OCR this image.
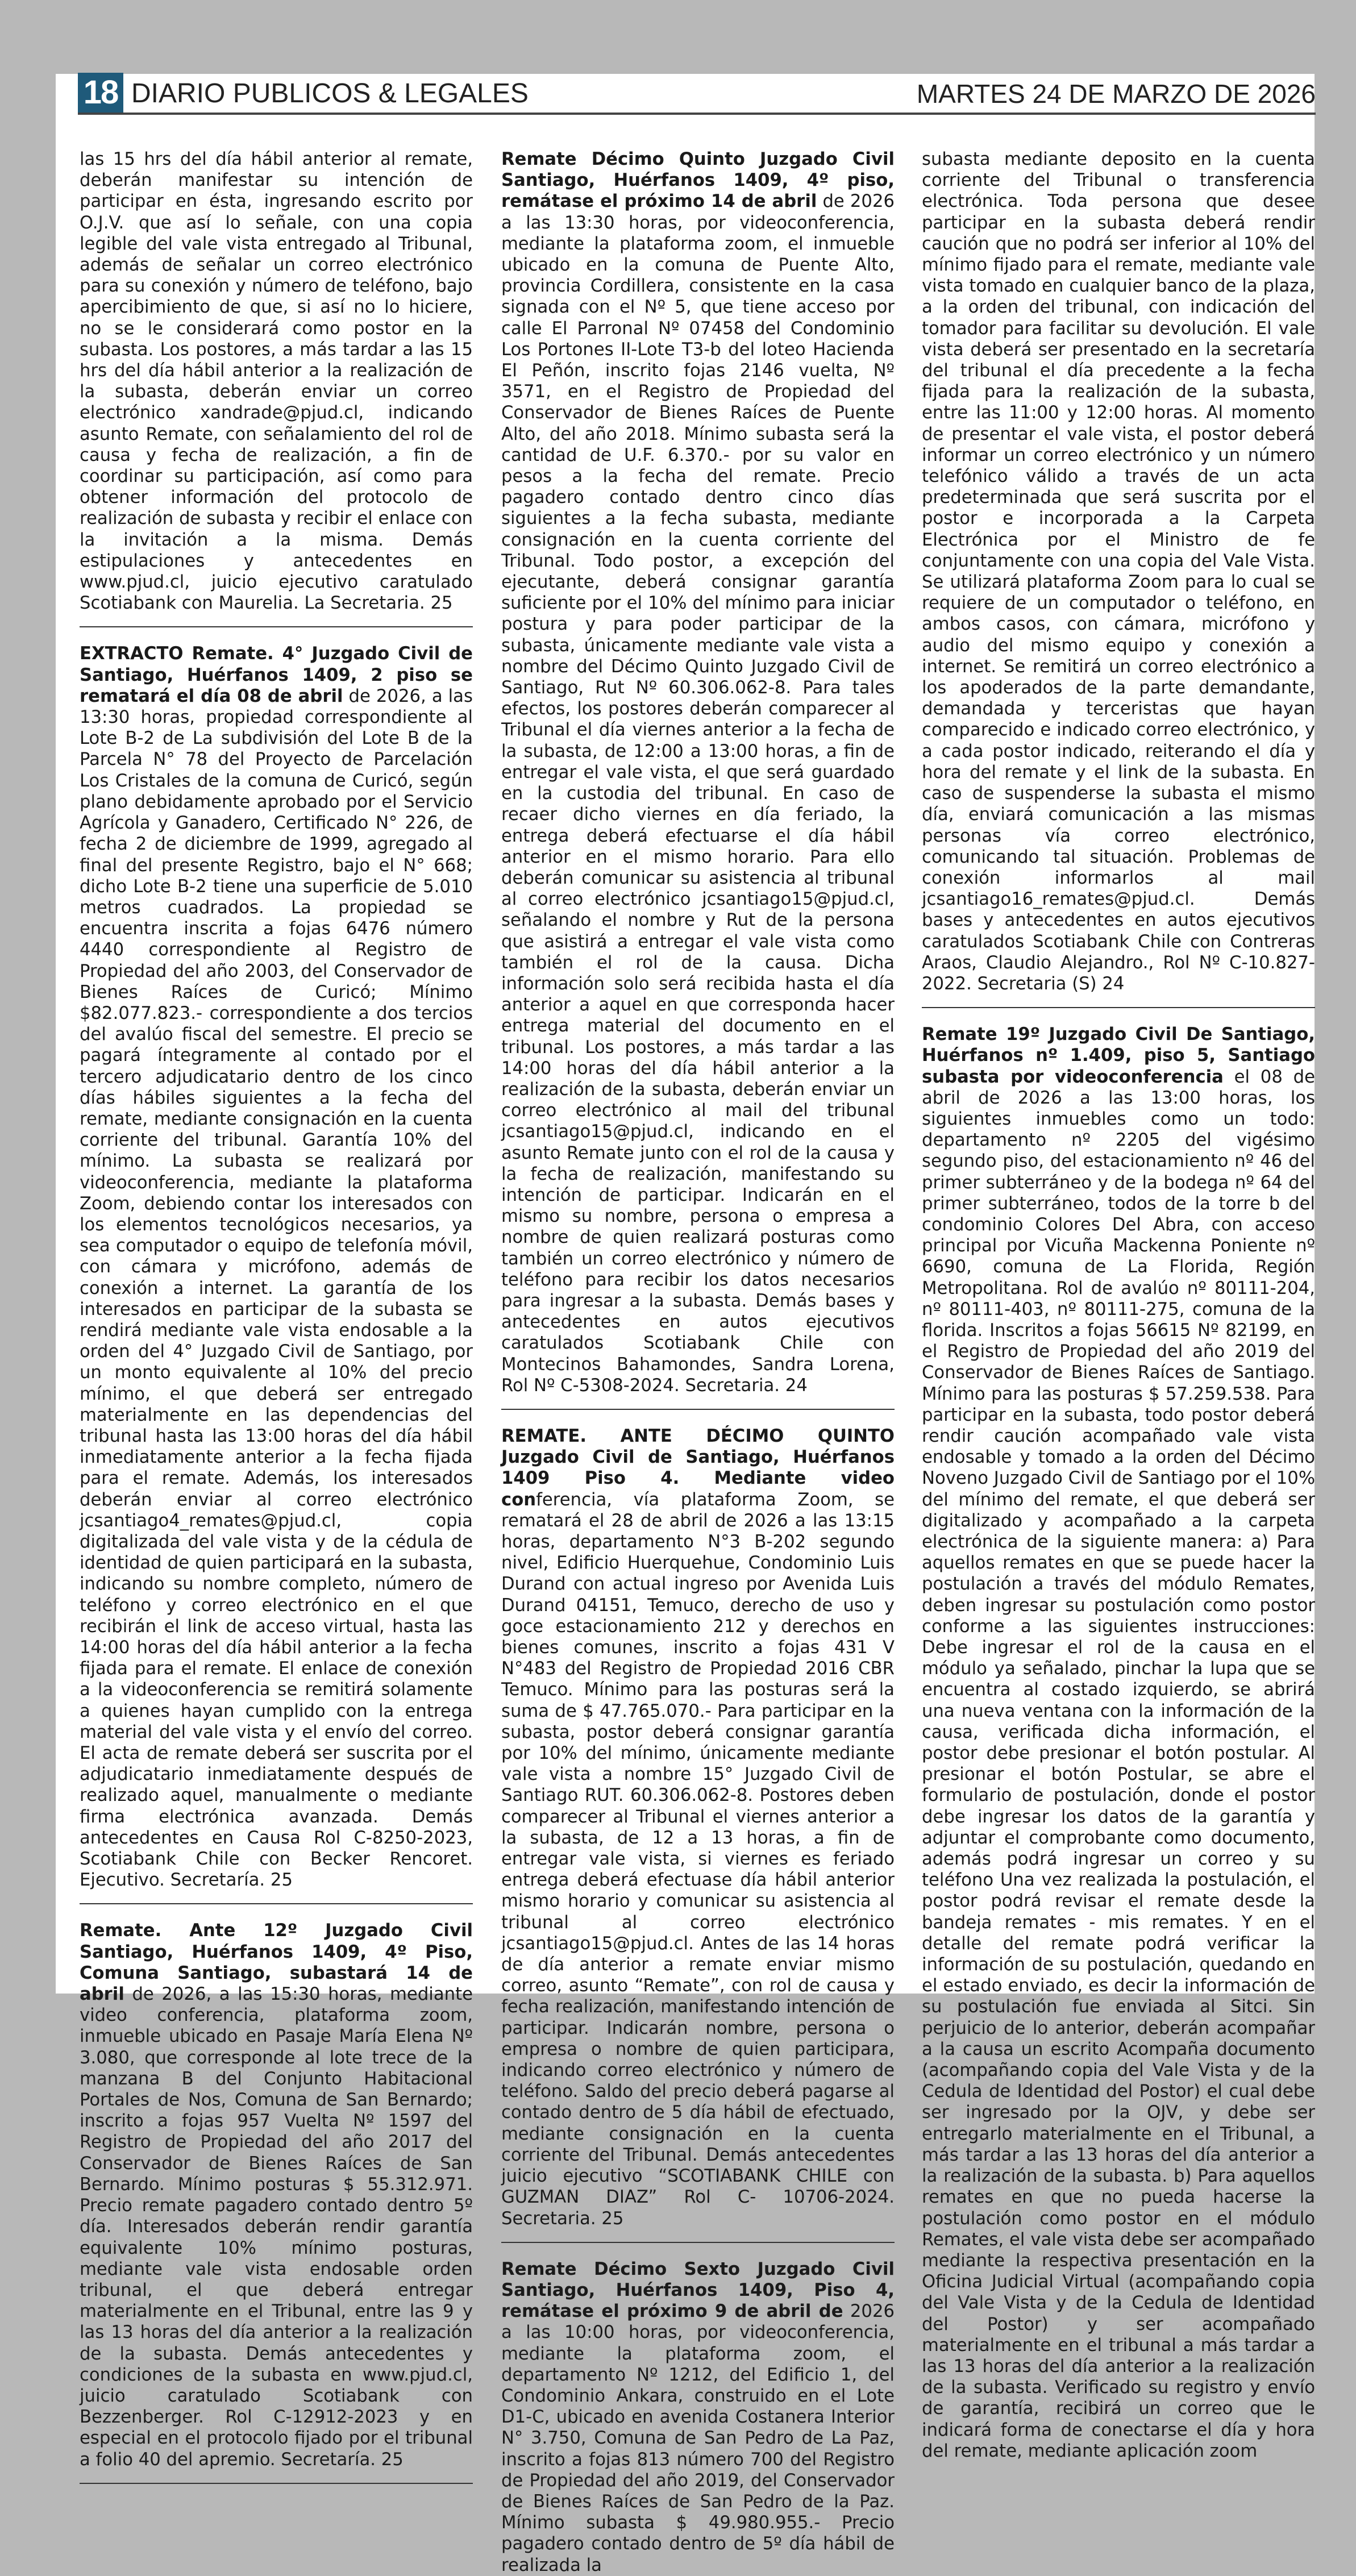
18 DIARIO PUBLICOS & LEGALES	MARTES 24 DE MARZO DE 2026

las 15 hrs del día hábil anterior al remate, deberán manifestar su intención de participar en ésta, ingresando escrito por O.J.V. que así lo señale, con una copia legible del vale vista entregado al Tribunal, además de señalar un correo electrónico para su conexión y número de teléfono, bajo apercibimiento de que, si así no lo hiciere, no se le considerará como postor en la subasta. Los postores, a más tardar a las 15 hrs del día hábil anterior a la realización de la subasta, deberán enviar un correo electrónico xandrade@pjud.cl, indicando asunto Remate, con señalamiento del rol de causa y fecha de realización, a fin de coordinar su participación, así como para obtener información del protocolo de realización de subasta y recibir el enlace con la invitación a la misma. Demás estipulaciones y antecedentes en www.pjud.cl, juicio ejecutivo caratulado Scotiabank con Maurelia. La Secretaria. 25

EXTRACTO Remate. 4° Juzgado Civil de Santiago, Huérfanos 1409, 2 piso se rematará el día 08 de abril de 2026, a las 13:30 horas, propiedad correspondiente al Lote B-2 de La subdivisión del Lote B de la Parcela N° 78 del Proyecto de Parcelación Los Cristales de la comuna de Curicó, según plano debidamente aprobado por el Servicio Agrícola y Ganadero, Certificado N° 226, de fecha 2 de diciembre de 1999, agregado al final del presente Registro, bajo el N° 668; dicho Lote B-2 tiene una superficie de 5.010 metros cuadrados. La propiedad se encuentra inscrita a fojas 6476 número 4440 correspondiente al Registro de Propiedad del año 2003, del Conservador de Bienes Raíces de Curicó; Mínimo $82.077.823.- correspondiente a dos tercios del avalúo fiscal del semestre. El precio se pagará íntegramente al contado por el tercero adjudicatario dentro de los cinco días hábiles siguientes a la fecha del remate, mediante consignación en la cuenta corriente del tribunal. Garantía 10% del mínimo. La subasta se realizará por videoconferencia, mediante la plataforma Zoom, debiendo contar los interesados con los elementos tecnológicos necesarios, ya sea computador o equipo de telefonía móvil, con cámara y micrófono, además de conexión a internet. La garantía de los interesados en participar de la subasta se rendirá mediante vale vista endosable a la orden del 4° Juzgado Civil de Santiago, por un monto equivalente al 10% del precio mínimo, el que deberá ser entregado materialmente en las dependencias del tribunal hasta las 13:00 horas del día hábil inmediatamente anterior a la fecha fijada para el remate. Además, los interesados deberán enviar al correo electrónico jcsantiago4_remates@pjud.cl, copia digitalizada del vale vista y de la cédula de identidad de quien participará en la subasta, indicando su nombre completo, número de teléfono y correo electrónico en el que recibirán el link de acceso virtual, hasta las 14:00 horas del día hábil anterior a la fecha fijada para el remate. El enlace de conexión a la videoconferencia se remitirá solamente a quienes hayan cumplido con la entrega material del vale vista y el envío del correo. El acta de remate deberá ser suscrita por el adjudicatario inmediatamente después de realizado aquel, manualmente o mediante firma electrónica avanzada. Demás antecedentes en Causa Rol C-8250-2023, Scotiabank Chile con Becker Rencoret. Ejecutivo. Secretaría. 25

Remate. Ante 12º Juzgado Civil Santiago, Huérfanos 1409, 4º Piso, Comuna Santiago, subastará 14 de abril de 2026, a las 15:30 horas, mediante video conferencia, plataforma zoom, inmueble ubicado en Pasaje María Elena Nº 3.080, que corresponde al lote trece de la manzana B del Conjunto Habitacional Portales de Nos, Comuna de San Bernardo; inscrito a fojas 957 Vuelta Nº 1597 del Registro de Propiedad del año 2017 del Conservador de Bienes Raíces de San Bernardo. Mínimo posturas $ 55.312.971. Precio remate pagadero contado dentro 5º día. Interesados deberán rendir garantía equivalente 10% mínimo posturas, mediante vale vista endosable orden tribunal, el que deberá entregar materialmente en el Tribunal, entre las 9 y las 13 horas del día anterior a la realización de la subasta. Demás antecedentes y condiciones de la subasta en www.pjud.cl, juicio caratulado Scotiabank con Bezzenberger. Rol C-12912-2023 y en especial en el protocolo fijado por el tribunal a folio 40 del apremio. Secretaría. 25

Remate Décimo Quinto Juzgado Civil Santiago, Huérfanos 1409, 4º piso, remátase el próximo 14 de abril de 2026 a las 13:30 horas, por videoconferencia, mediante la plataforma zoom, el inmueble ubicado en la comuna de Puente Alto, provincia Cordillera, consistente en la casa signada con el Nº 5, que tiene acceso por calle El Parronal Nº 07458 del Condominio Los Portones II-Lote T3-b del loteo Hacienda El Peñón, inscrito fojas 2146 vuelta, Nº 3571, en el Registro de Propiedad del Conservador de Bienes Raíces de Puente Alto, del año 2018. Mínimo subasta será la cantidad de U.F. 6.370.- por su valor en pesos a la fecha del remate. Precio pagadero contado dentro cinco días siguientes a la fecha subasta, mediante consignación en la cuenta corriente del Tribunal. Todo postor, a excepción del ejecutante, deberá consignar garantía suficiente por el 10% del mínimo para iniciar postura y para poder participar de la subasta, únicamente mediante vale vista a nombre del Décimo Quinto Juzgado Civil de Santiago, Rut Nº 60.306.062-8. Para tales efectos, los postores deberán comparecer al Tribunal el día viernes anterior a la fecha de la subasta, de 12:00 a 13:00 horas, a fin de entregar el vale vista, el que será guardado en la custodia del tribunal. En caso de recaer dicho viernes en día feriado, la entrega deberá efectuarse el día hábil anterior en el mismo horario. Para ello deberán comunicar su asistencia al tribunal al correo electrónico jcsantiago15@pjud.cl, señalando el nombre y Rut de la persona que asistirá a entregar el vale vista como también el rol de la causa. Dicha información solo será recibida hasta el día anterior a aquel en que corresponda hacer entrega material del documento en el tribunal. Los postores, a más tardar a las 14:00 horas del día hábil anterior a la realización de la subasta, deberán enviar un correo electrónico al mail del tribunal jcsantiago15@pjud.cl, indicando en el asunto Remate junto con el rol de la causa y la fecha de realización, manifestando su intención de participar. Indicarán en el mismo su nombre, persona o empresa a nombre de quien realizará posturas como también un correo electrónico y número de teléfono para recibir los datos necesarios para ingresar a la subasta. Demás bases y antecedentes en autos ejecutivos caratulados Scotiabank Chile con Montecinos Bahamondes, Sandra Lorena, Rol Nº C-5308-2024. Secretaria. 24

REMATE. ANTE DÉCIMO QUINTO Juzgado Civil de Santiago, Huérfanos 1409 Piso 4. Mediante video conferencia, vía plataforma Zoom, se rematará el 28 de abril de 2026 a las 13:15 horas, departamento N°3 B-202 segundo nivel, Edificio Huerquehue, Condominio Luis Durand con actual ingreso por Avenida Luis Durand 04151, Temuco, derecho de uso y goce estacionamiento 212 y derechos en bienes comunes, inscrito a fojas 431 V N°483 del Registro de Propiedad 2016 CBR Temuco. Mínimo para las posturas será la suma de $ 47.765.070.- Para participar en la subasta, postor deberá consignar garantía por 10% del mínimo, únicamente mediante vale vista a nombre 15° Juzgado Civil de Santiago RUT. 60.306.062-8. Postores deben comparecer al Tribunal el viernes anterior a la subasta, de 12 a 13 horas, a fin de entregar vale vista, si viernes es feriado entrega deberá efectuase día hábil anterior mismo horario y comunicar su asistencia al tribunal al correo electrónico jcsantiago15@pjud.cl. Antes de las 14 horas de día anterior a remate enviar mismo correo, asunto “Remate”, con rol de causa y fecha realización, manifestando intención de participar. Indicarán nombre, persona o empresa o nombre de quien participara, indicando correo electrónico y número de teléfono. Saldo del precio deberá pagarse al contado dentro de 5 día hábil de efectuado, mediante consignación en la cuenta corriente del Tribunal. Demás antecedentes juicio ejecutivo “SCOTIABANK CHILE con GUZMAN DIAZ” Rol C- 10706-2024. Secretaria. 25

Remate Décimo Sexto Juzgado Civil Santiago, Huérfanos 1409, Piso 4, remátase el próximo 9 de abril de 2026 a las 10:00 horas, por videoconferencia, mediante la plataforma zoom, el departamento Nº 1212, del Edificio 1, del Condominio Ankara, construido en el Lote D1-C, ubicado en avenida Costanera Interior N° 3.750, Comuna de San Pedro de La Paz, inscrito a fojas 813 número 700 del Registro de Propiedad del año 2019, del Conservador de Bienes Raíces de San Pedro de la Paz. Mínimo subasta $ 49.980.955.- Precio pagadero contado dentro de 5º día hábil de realizada la

subasta mediante deposito en la cuenta corriente del Tribunal o transferencia electrónica. Toda persona que desee participar en la subasta deberá rendir caución que no podrá ser inferior al 10% del mínimo fijado para el remate, mediante vale vista tomado en cualquier banco de la plaza, a la orden del tribunal, con indicación del tomador para facilitar su devolución. El vale vista deberá ser presentado en la secretaría del tribunal el día precedente a la fecha fijada para la realización de la subasta, entre las 11:00 y 12:00 horas. Al momento de presentar el vale vista, el postor deberá informar un correo electrónico y un número telefónico válido a través de un acta predeterminada que será suscrita por el postor e incorporada a la Carpeta Electrónica por el Ministro de fe conjuntamente con una copia del Vale Vista. Se utilizará plataforma Zoom para lo cual se requiere de un computador o teléfono, en ambos casos, con cámara, micrófono y audio del mismo equipo y conexión a internet. Se remitirá un correo electrónico a los apoderados de la parte demandante, demandada y terceristas que hayan comparecido e indicado correo electrónico, y a cada postor indicado, reiterando el día y hora del remate y el link de la subasta. En caso de suspenderse la subasta el mismo día, enviará comunicación a las mismas personas vía correo electrónico, comunicando tal situación. Problemas de conexión informarlos al mail jcsantiago16_remates@pjud.cl. Demás bases y antecedentes en autos ejecutivos caratulados Scotiabank Chile con Contreras Araos, Claudio Alejandro., Rol Nº C-10.827-2022. Secretaria (S) 24

Remate 19º Juzgado Civil De Santiago, Huérfanos nº 1.409, piso 5, Santiago subasta por videoconferencia el 08 de abril de 2026 a las 13:00 horas, los siguientes inmuebles como un todo: departamento nº 2205 del vigésimo segundo piso, del estacionamiento nº 46 del primer subterráneo y de la bodega nº 64 del primer subterráneo, todos de la torre b del condominio Colores Del Abra, con acceso principal por Vicuña Mackenna Poniente nº 6690, comuna de La Florida, Región Metropolitana. Rol de avalúo nº 80111-204, nº 80111-403, nº 80111-275, comuna de la florida. Inscritos a fojas 56615 Nº 82199, en el Registro de Propiedad del año 2019 del Conservador de Bienes Raíces de Santiago. Mínimo para las posturas $ 57.259.538. Para participar en la subasta, todo postor deberá rendir caución acompañado vale vista endosable y tomado a la orden del Décimo Noveno Juzgado Civil de Santiago por el 10% del mínimo del remate, el que deberá ser digitalizado y acompañado a la carpeta electrónica de la siguiente manera: a) Para aquellos remates en que se puede hacer la postulación a través del módulo Remates, deben ingresar su postulación como postor conforme a las siguientes instrucciones: Debe ingresar el rol de la causa en el módulo ya señalado, pinchar la lupa que se encuentra al costado izquierdo, se abrirá una nueva ventana con la información de la causa, verificada dicha información, el postor debe presionar el botón postular. Al presionar el botón Postular, se abre el formulario de postulación, donde el postor debe ingresar los datos de la garantía y adjuntar el comprobante como documento, además podrá ingresar un correo y su teléfono Una vez realizada la postulación, el postor podrá revisar el remate desde la bandeja remates - mis remates. Y en el detalle del remate podrá verificar la información de su postulación, quedando en el estado enviado, es decir la información de su postulación fue enviada al Sitci. Sin perjuicio de lo anterior, deberán acompañar a la causa un escrito Acompaña documento (acompañando copia del Vale Vista y de la Cedula de Identidad del Postor) el cual debe ser ingresado por la OJV, y debe ser entregarlo materialmente en el Tribunal, a más tardar a las 13 horas del día anterior a la realización de la subasta. b) Para aquellos remates en que no pueda hacerse la postulación como postor en el módulo Remates, el vale vista debe ser acompañado mediante la respectiva presentación en la Oficina Judicial Virtual (acompañando copia del Vale Vista y de la Cedula de Identidad del Postor) y ser acompañado materialmente en el tribunal a más tardar a las 13 horas del día anterior a la realización de la subasta. Verificado su registro y envío de garantía, recibirá un correo que le indicará forma de conectarse el día y hora del remate, mediante aplicación zoom
